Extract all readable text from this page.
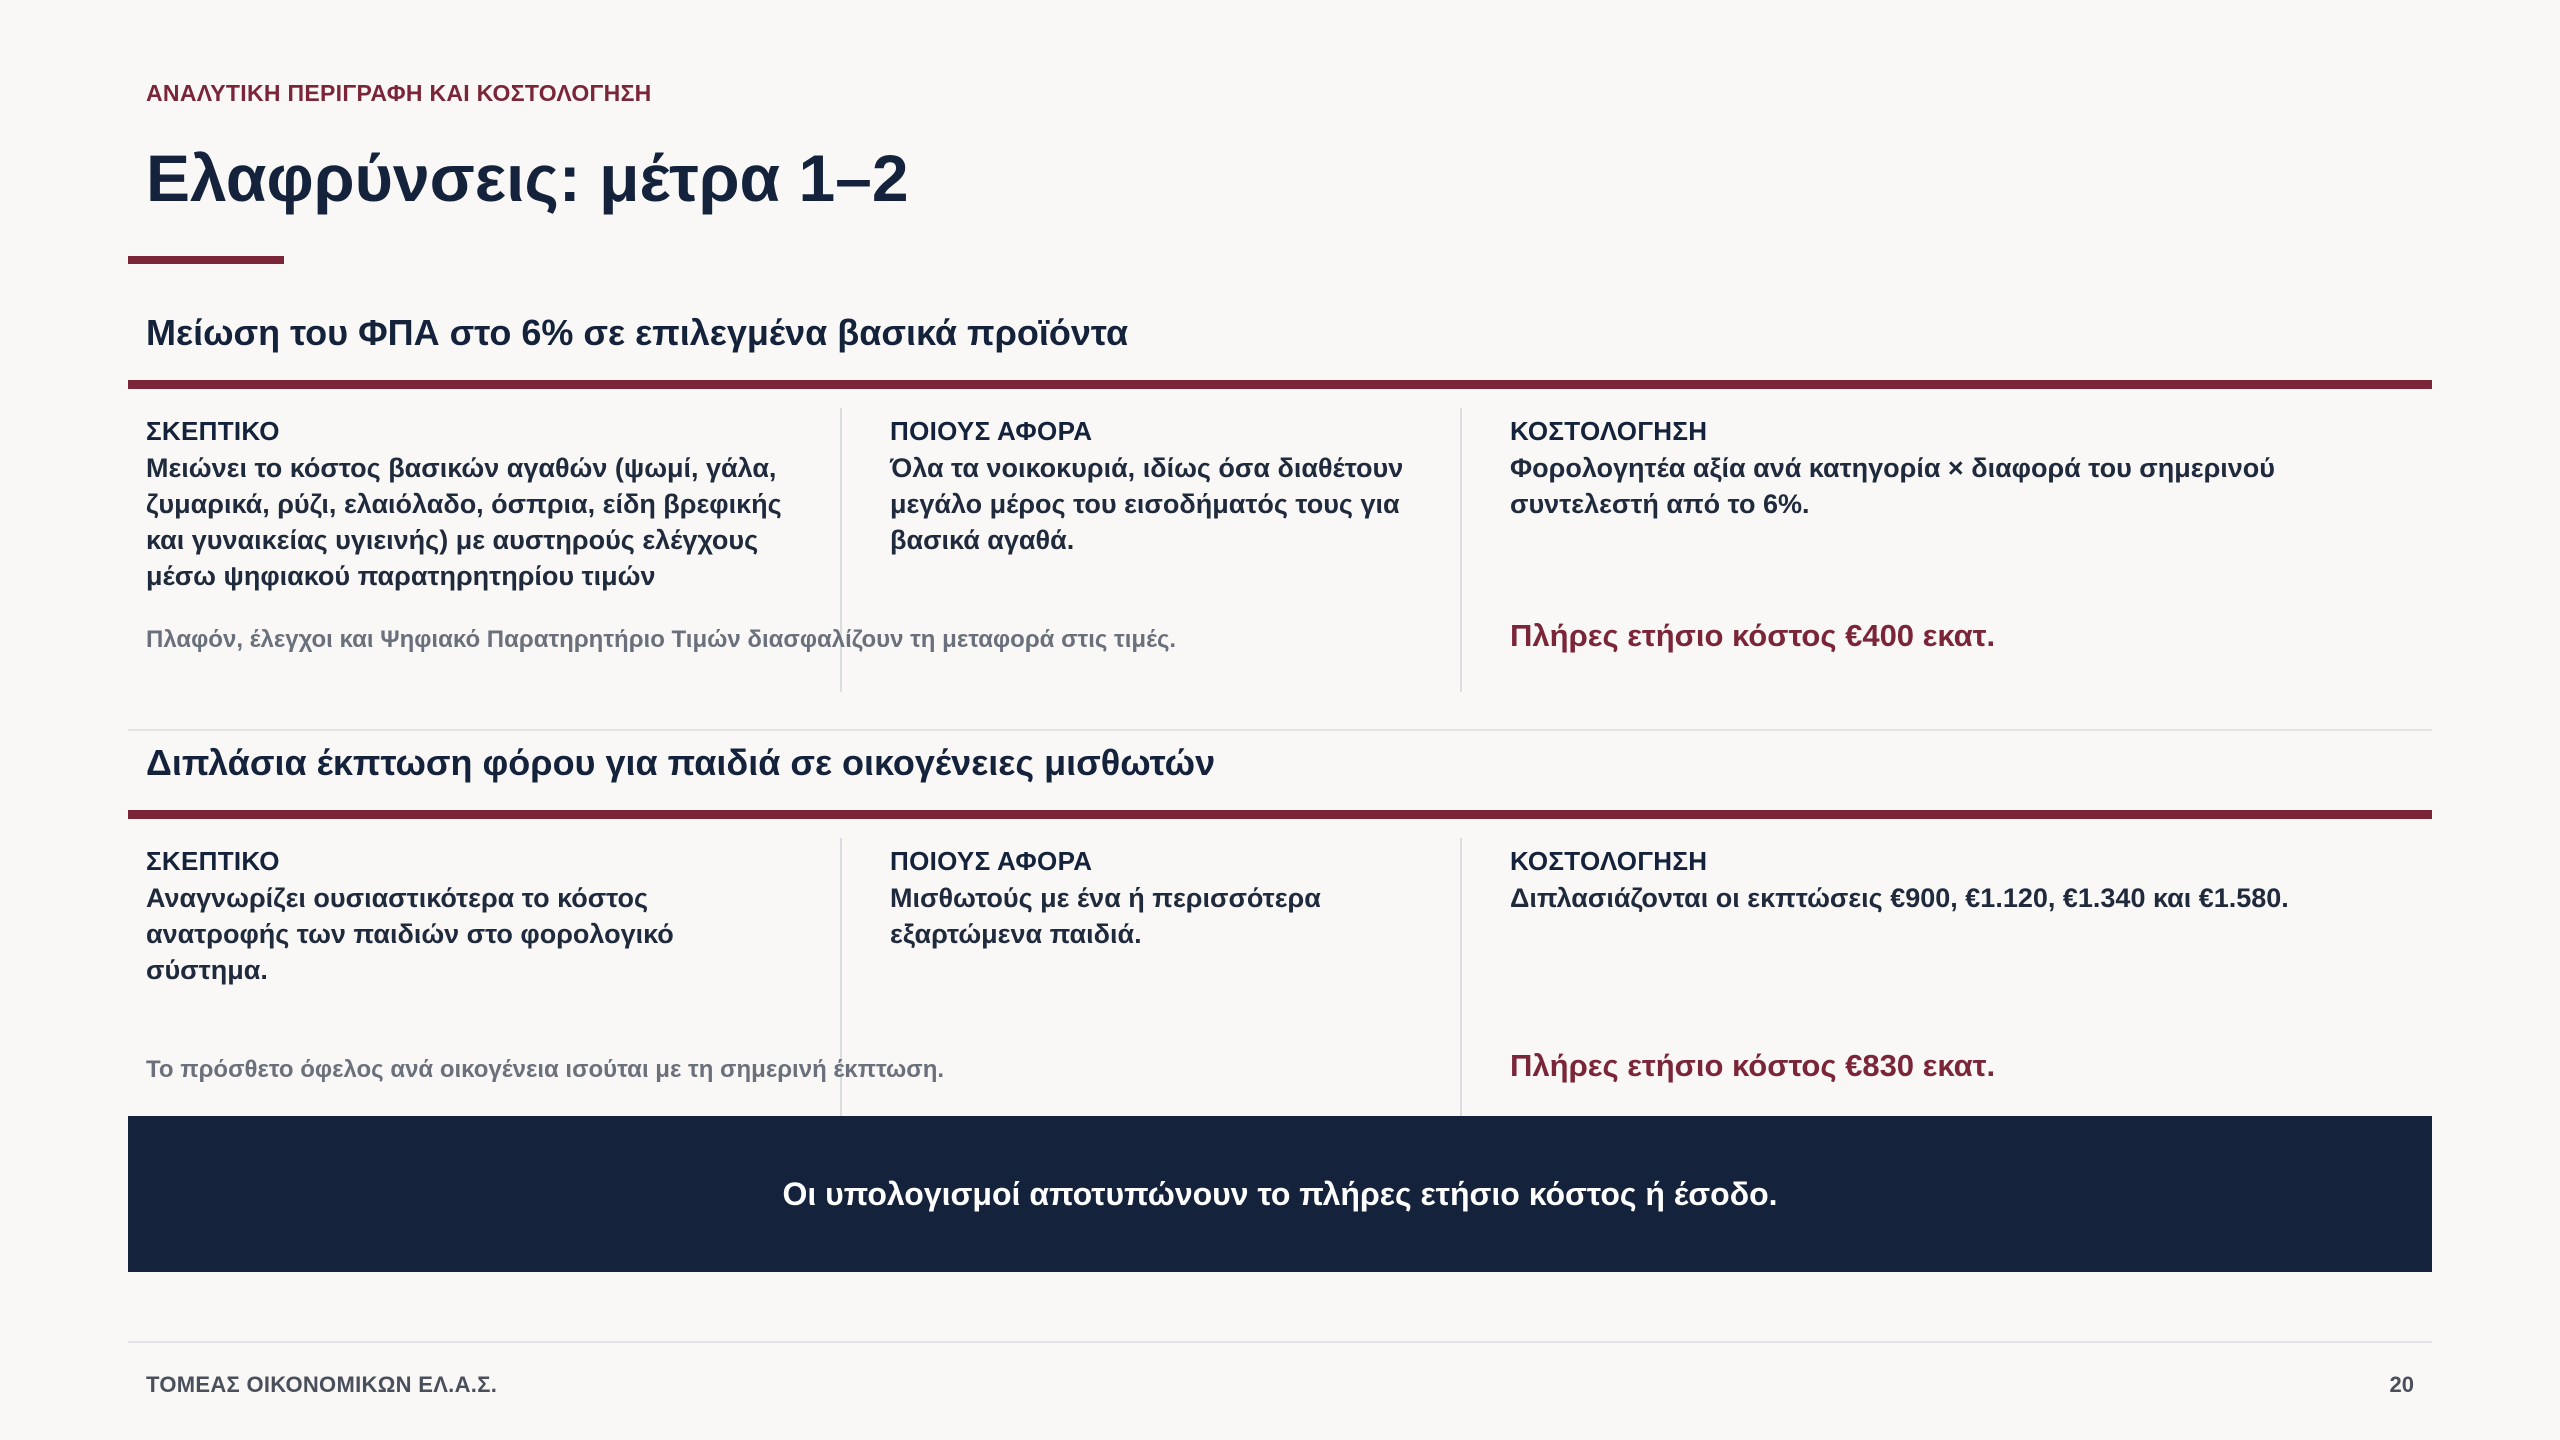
ΑΝΑΛΥΤΙΚΗ ΠΕΡΙΓΡΑΦΗ ΚΑΙ ΚΟΣΤΟΛΟΓΗΣΗ
Ελαφρύνσεις: μέτρα 1–2
Μείωση του ΦΠΑ στο 6% σε επιλεγμένα βασικά προϊόντα
ΣΚΕΠΤΙΚΟ
Μειώνει το κόστος βασικών αγαθών (ψωμί, γάλα,
ζυμαρικά, ρύζι, ελαιόλαδο, όσπρια, είδη βρεφικής
και γυναικείας υγιεινής) με αυστηρούς ελέγχους
μέσω ψηφιακού παρατηρητηρίου τιμών
ΠΟΙΟΥΣ ΑΦΟΡΑ
Όλα τα νοικοκυριά, ιδίως όσα διαθέτουν
μεγάλο μέρος του εισοδήματός τους για
βασικά αγαθά.
ΚΟΣΤΟΛΟΓΗΣΗ
Φορολογητέα αξία ανά κατηγορία × διαφορά του σημερινού
συντελεστή από το 6%.
Πλαφόν, έλεγχοι και Ψηφιακό Παρατηρητήριο Τιμών διασφαλίζουν τη μεταφορά στις τιμές.	Πλήρες ετήσιο κόστος €400 εκατ.
Διπλάσια έκπτωση φόρου για παιδιά σε οικογένειες μισθωτών
ΣΚΕΠΤΙΚΟ
Αναγνωρίζει ουσιαστικότερα το κόστος
ανατροφής των παιδιών στο φορολογικό
σύστημα.
ΠΟΙΟΥΣ ΑΦΟΡΑ
Μισθωτούς με ένα ή περισσότερα
εξαρτώμενα παιδιά.
ΚΟΣΤΟΛΟΓΗΣΗ
Διπλασιάζονται οι εκπτώσεις €900, €1.120, €1.340 και €1.580.
Το πρόσθετο όφελος ανά οικογένεια ισούται με τη σημερινή έκπτωση.	Πλήρες ετήσιο κόστος €830 εκατ.
Οι υπολογισμοί αποτυπώνουν το πλήρες ετήσιο κόστος ή έσοδο.
ΤΟΜΕΑΣ ΟΙΚΟΝΟΜΙΚΩΝ ΕΛ.Α.Σ.	20
